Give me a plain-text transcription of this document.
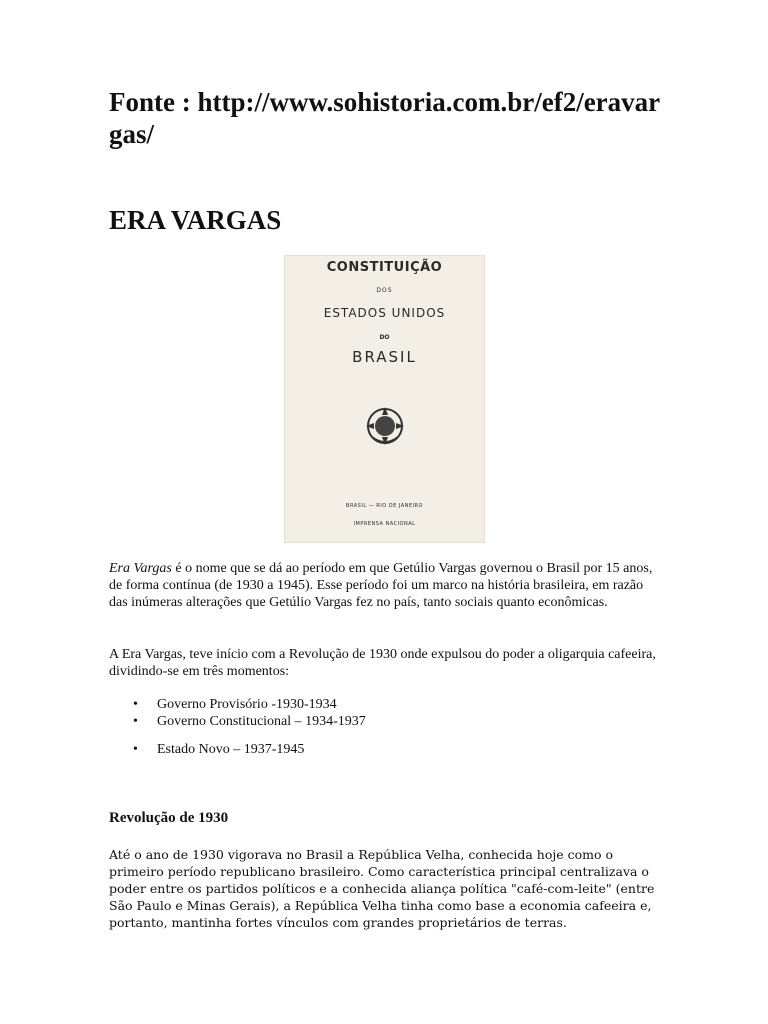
Fonte : http://www.sohistoria.com.br/ef2/eravargas/
ERA VARGAS
CONSTITUIÇÃO
DOS
ESTADOS UNIDOS
DO
BRASIL
BRASIL — RIO DE JANEIRO
IMPRENSA NACIONAL
Era Vargas é o nome que se dá ao período em que Getúlio Vargas governou o Brasil por 15 anos, de forma contínua (de 1930 a 1945). Esse período foi um marco na história brasileira, em razão das inúmeras alterações que Getúlio Vargas fez no país, tanto sociais quanto econômicas.
A Era Vargas, teve início com a Revolução de 1930 onde expulsou do poder a oligarquia cafeeira, dividindo-se em três momentos:
• Governo Provisório -1930-1934
• Governo Constitucional – 1934-1937
• Estado Novo – 1937-1945
Revolução de 1930
Até o ano de 1930 vigorava no Brasil a República Velha, conhecida hoje como o primeiro período republicano brasileiro. Como característica principal centralizava o poder entre os partidos políticos e a conhecida aliança política "café-com-leite" (entre São Paulo e Minas Gerais), a República Velha tinha como base a economia cafeeira e, portanto, mantinha fortes vínculos com grandes proprietários de terras.
